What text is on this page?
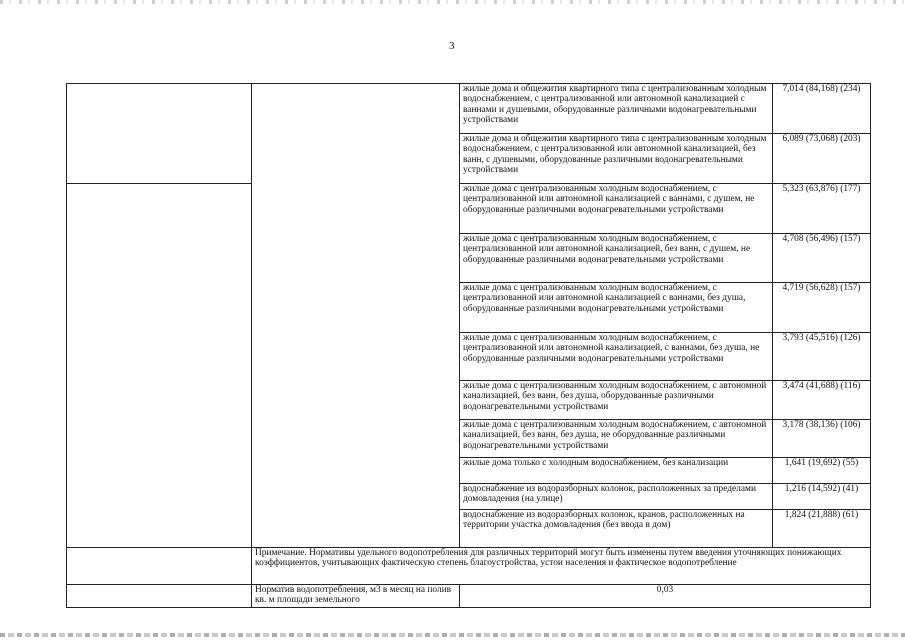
3
		жилые дома и общежития квартирного типа с централизованным холодным водоснабжением, с централизованной или автономной канализацией с ваннами и душевыми, оборудованные различными водонагревательными устройствами	7,014 (84,168) (234)
		жилые дома и общежития квартирного типа с централизованным холодным водоснабжением, с централизованной или автономной канализацией, без ванн, с душевыми, оборудованные различными водонагревательными устройствами	6,089 (73,068) (203)
		жилые дома с централизованным холодным водоснабжением, с централизованной или автономной канализацией с ваннами, с душем, не оборудованные различными водонагревательными устройствами	5,323 (63,876) (177)
		жилые дома с централизованным холодным водоснабжением, с централизованной или автономной канализацией, без ванн, с душем, не оборудованные различными водонагревательными устройствами	4,708 (56,496) (157)
		жилые дома с централизованным холодным водоснабжением, с централизованной или автономной канализацией с ваннами, без душа, оборудованные различными водонагревательными устройствами	4,719 (56,628) (157)
		жилые дома с централизованным холодным водоснабжением, с централизованной или автономной канализацией, с ваннами, без душа, не оборудованные различными водонагревательными устройствами	3,793 (45,516) (126)
		жилые дома с централизованным холодным водоснабжением, с автономной канализацией, без ванн, без душа, оборудованные различными водонагревательными устройствами	3,474 (41,688) (116)
		жилые дома с централизованным холодным водоснабжением, с автономной канализацией, без ванн, без душа, не оборудованные различными водонагревательными устройствами	3,178 (38,136) (106)
		жилые дома только с холодным водоснабжением, без канализации	1,641 (19,692) (55)
		водоснабжение из водоразборных колонок, расположенных за пределами домовладения (на улице)	1,216 (14,592) (41)
		водоснабжение из водоразборных колонок, кранов, расположенных на территории участка домовладения (без ввода в дом)	1,824 (21,888) (61)
	Примечание. Нормативы удельного водопотребления для различных территорий могут быть изменены путем введения уточняющих понижающих коэффициентов, учитывающих фактическую степень благоустройства, устои населения и фактическое водопотребление		
	Норматив водопотребления, м3 в месяц на полив кв. м площади земельного	0,03	
